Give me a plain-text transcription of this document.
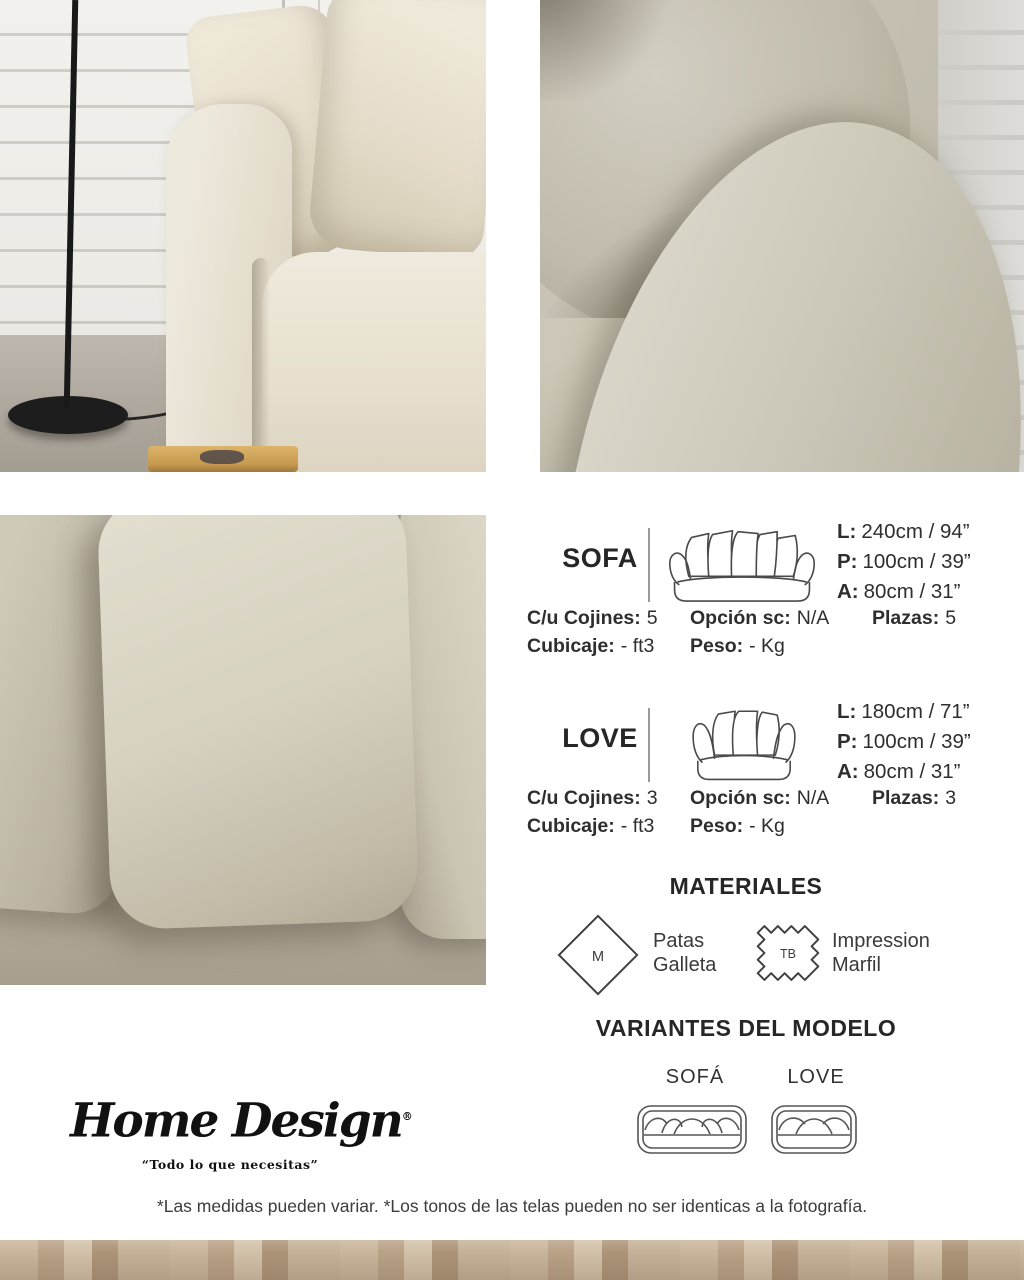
SOFA
L: 240cm / 94”
P: 100cm / 39”
A: 80cm / 31”
C/u Cojines: 5 Opción sc: N/A Plazas: 5
Cubicaje: - ft3 Peso: - Kg
LOVE
L: 180cm / 71”
P: 100cm / 39”
A: 80cm / 31”
C/u Cojines: 3 Opción sc: N/A Plazas: 3
Cubicaje: - ft3 Peso: - Kg
MATERIALES
M
Patas
Galleta
TB
Impression
Marfil
VARIANTES DEL MODELO
SOFÁ	LOVE
Home Design®
“Todo lo que necesitas”
*Las medidas pueden variar. *Los tonos de las telas pueden no ser identicas a la fotografía.
